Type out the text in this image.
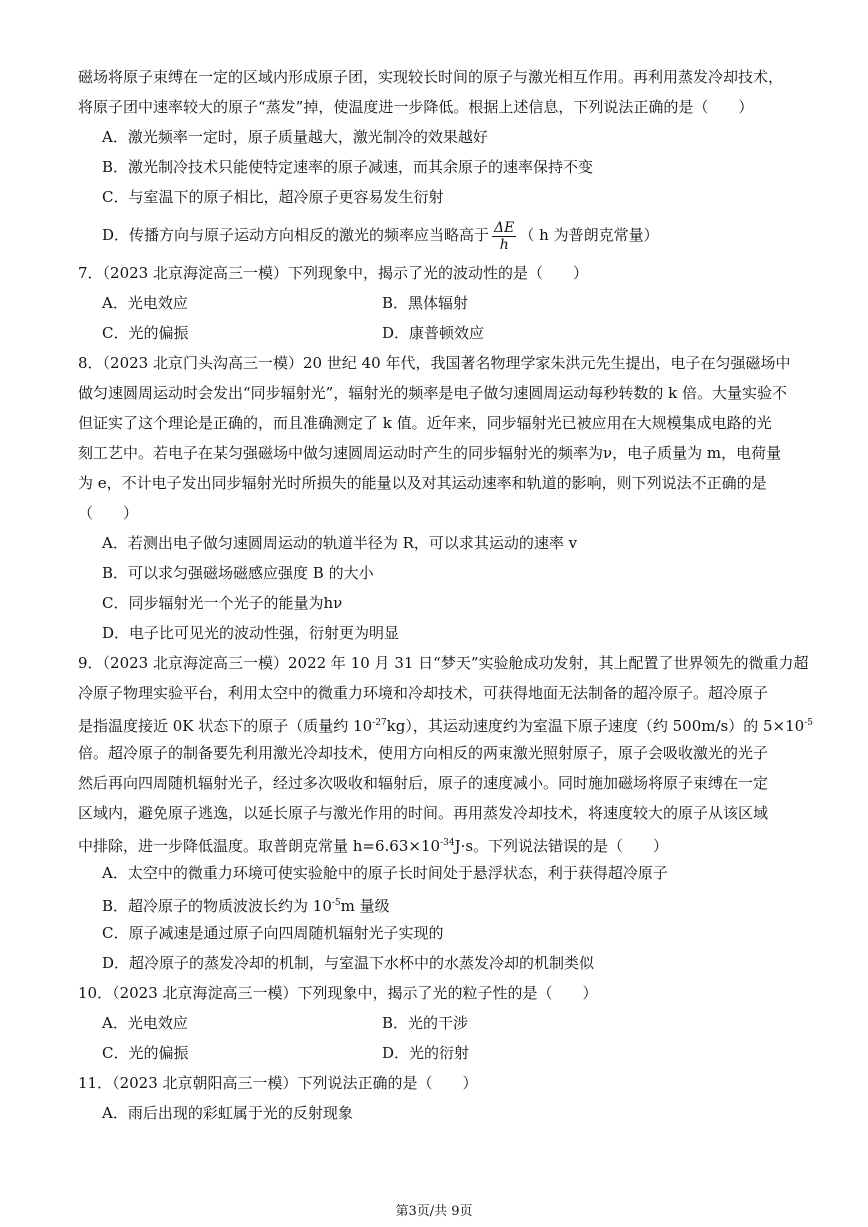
磁场将原子束缚在一定的区域内形成原子团，实现较长时间的原子与激光相互作用。再利用蒸发冷却技术，
将原子团中速率较大的原子“蒸发”掉，使温度进一步降低。根据上述信息，下列说法正确的是（　　）
A．激光频率一定时，原子质量越大，激光制冷的效果越好
B．激光制冷技术只能使特定速率的原子减速，而其余原子的速率保持不变
C．与室温下的原子相比，超冷原子更容易发生衍射
D．传播方向与原子运动方向相反的激光的频率应当略高于 $\frac{\Delta E}{h}$ （ h 为普朗克常量）
7．（2023 北京海淀高三一模）下列现象中，揭示了光的波动性的是（　　）
A．光电效应	B．黑体辐射
C．光的偏振	D．康普顿效应
8．（2023 北京门头沟高三一模）20 世纪 40 年代，我国著名物理学家朱洪元先生提出，电子在匀强磁场中
做匀速圆周运动时会发出“同步辐射光”，辐射光的频率是电子做匀速圆周运动每秒转数的 k 倍。大量实验不
但证实了这个理论是正确的，而且准确测定了 k 值。近年来，同步辐射光已被应用在大规模集成电路的光
刻工艺中。若电子在某匀强磁场中做匀速圆周运动时产生的同步辐射光的频率为ν，电子质量为 m，电荷量
为 e，不计电子发出同步辐射光时所损失的能量以及对其运动速率和轨道的影响，则下列说法不正确的是
（　　）
A．若测出电子做匀速圆周运动的轨道半径为 R，可以求其运动的速率 v
B．可以求匀强磁场磁感应强度 B 的大小
C．同步辐射光一个光子的能量为hν
D．电子比可见光的波动性强，衍射更为明显
9．（2023 北京海淀高三一模）2022 年 10 月 31 日“梦天”实验舱成功发射，其上配置了世界领先的微重力超
冷原子物理实验平台，利用太空中的微重力环境和冷却技术，可获得地面无法制备的超冷原子。超冷原子
是指温度接近 0K 状态下的原子（质量约 $10^{-27}kg$），其运动速度约为室温下原子速度（约 500m/s）的 $5\times 10^{-5}$
倍。超冷原子的制备要先利用激光冷却技术，使用方向相反的两束激光照射原子，原子会吸收激光的光子
然后再向四周随机辐射光子，经过多次吸收和辐射后，原子的速度减小。同时施加磁场将原子束缚在一定
区域内，避免原子逃逸，以延长原子与激光作用的时间。再用蒸发冷却技术，将速度较大的原子从该区域
中排除，进一步降低温度。取普朗克常量 $h=6.63\times 10^{-34}J\cdot s$。下列说法错误的是（　　）
A．太空中的微重力环境可使实验舱中的原子长时间处于悬浮状态，利于获得超冷原子
B．超冷原子的物质波波长约为 $10^{-5}m$ 量级
C．原子减速是通过原子向四周随机辐射光子实现的
D．超冷原子的蒸发冷却的机制，与室温下水杯中的水蒸发冷却的机制类似
10．（2023 北京海淀高三一模）下列现象中，揭示了光的粒子性的是（　　）
A．光电效应	B．光的干涉
C．光的偏振	D．光的衍射
11．（2023 北京朝阳高三一模）下列说法正确的是（　　）
A．雨后出现的彩虹属于光的反射现象
第3页/共 9页
